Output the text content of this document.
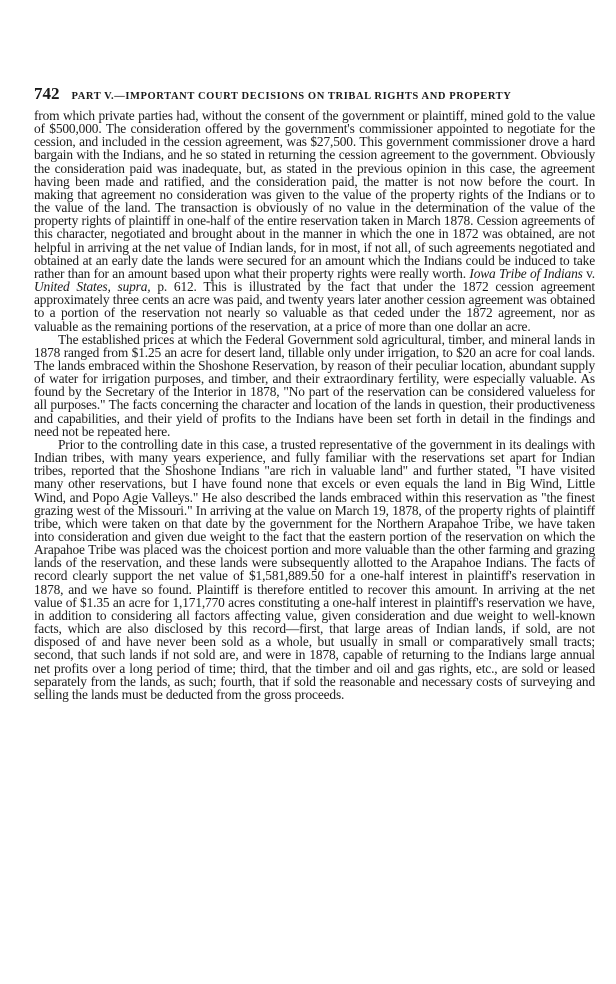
742 PART V.—IMPORTANT COURT DECISIONS ON TRIBAL RIGHTS AND PROPERTY

from which private parties had, without the consent of the government or plaintiff, mined gold to the value of $500,000. The consideration offered by the government's commissioner appointed to negotiate for the cession, and included in the cession agreement, was $27,500. This government commissioner drove a hard bargain with the Indians, and he so stated in returning the cession agreement to the government. Obviously the consideration paid was inadequate, but, as stated in the previous opinion in this case, the agreement having been made and ratified, and the consideration paid, the matter is not now before the court. In making that agreement no consideration was given to the value of the property rights of the Indians or to the value of the land. The transaction is obviously of no value in the determination of the value of the property rights of plaintiff in one-half of the entire reservation taken in March 1878. Cession agreements of this character, negotiated and brought about in the manner in which the one in 1872 was obtained, are not helpful in arriving at the net value of Indian lands, for in most, if not all, of such agreements negotiated and obtained at an early date the lands were secured for an amount which the Indians could be induced to take rather than for an amount based upon what their property rights were really worth. Iowa Tribe of Indians v. United States, supra, p. 612. This is illustrated by the fact that under the 1872 cession agreement approximately three cents an acre was paid, and twenty years later another cession agreement was obtained to a portion of the reservation not nearly so valuable as that ceded under the 1872 agreement, nor as valuable as the remaining portions of the reservation, at a price of more than one dollar an acre.

The established prices at which the Federal Government sold agricultural, timber, and mineral lands in 1878 ranged from $1.25 an acre for desert land, tillable only under irrigation, to $20 an acre for coal lands. The lands embraced within the Shoshone Reservation, by reason of their peculiar location, abundant supply of water for irrigation purposes, and timber, and their extraordinary fertility, were especially valuable. As found by the Secretary of the Interior in 1878, "No part of the reservation can be considered valueless for all purposes." The facts concerning the character and location of the lands in question, their productiveness and capabilities, and their yield of profits to the Indians have been set forth in detail in the findings and need not be repeated here.

Prior to the controlling date in this case, a trusted representative of the government in its dealings with Indian tribes, with many years experience, and fully familiar with the reservations set apart for Indian tribes, reported that the Shoshone Indians "are rich in valuable land" and further stated, "I have visited many other reservations, but I have found none that excels or even equals the land in Big Wind, Little Wind, and Popo Agie Valleys." He also described the lands embraced within this reservation as "the finest grazing west of the Missouri." In arriving at the value on March 19, 1878, of the property rights of plaintiff tribe, which were taken on that date by the government for the Northern Arapahoe Tribe, we have taken into consideration and given due weight to the fact that the eastern portion of the reservation on which the Arapahoe Tribe was placed was the choicest portion and more valuable than the other farming and grazing lands of the reservation, and these lands were subsequently allotted to the Arapahoe Indians. The facts of record clearly support the net value of $1,581,889.50 for a one-half interest in plaintiff's reservation in 1878, and we have so found. Plaintiff is therefore entitled to recover this amount. In arriving at the net value of $1.35 an acre for 1,171,770 acres constituting a one-half interest in plaintiff's reservation we have, in addition to considering all factors affecting value, given consideration and due weight to well-known facts, which are also disclosed by this record—first, that large areas of Indian lands, if sold, are not disposed of and have never been sold as a whole, but usually in small or comparatively small tracts; second, that such lands if not sold are, and were in 1878, capable of returning to the Indians large annual net profits over a long period of time; third, that the timber and oil and gas rights, etc., are sold or leased separately from the lands, as such; fourth, that if sold the reasonable and necessary costs of surveying and selling the lands must be deducted from the gross proceeds.
